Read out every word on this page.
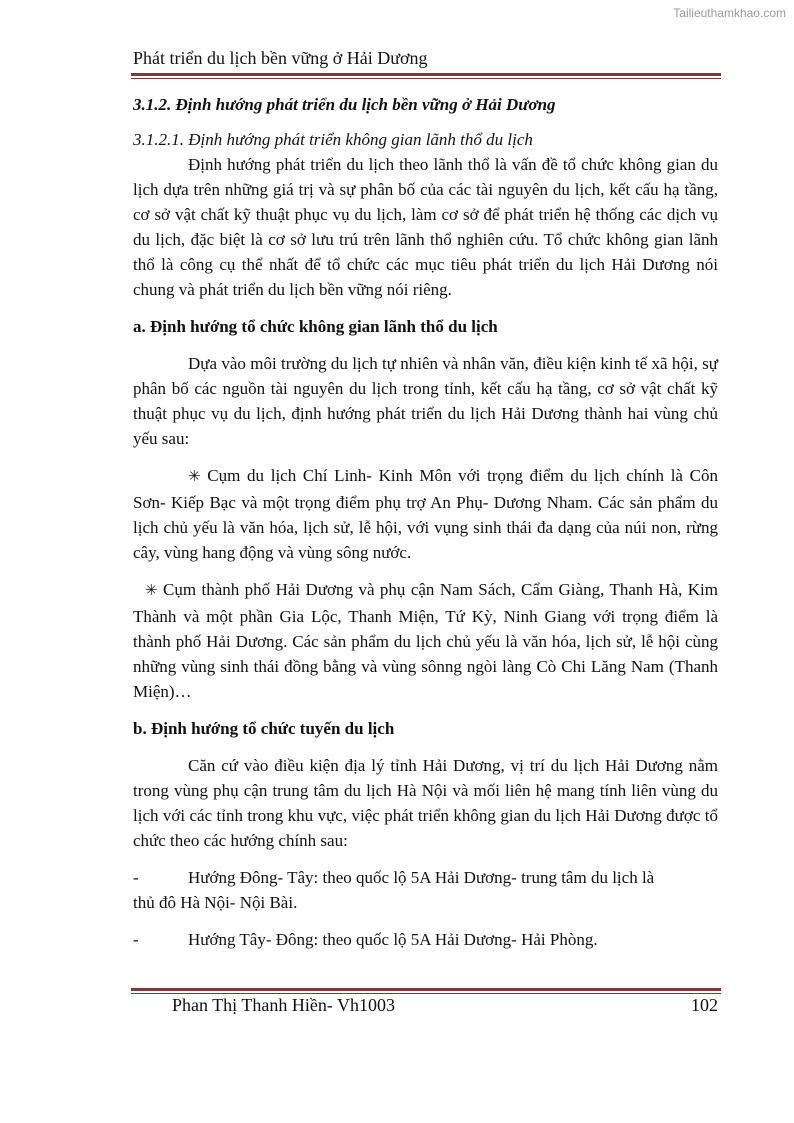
Tailieuthamkhao.com
Phát triển du lịch bền vững ở Hải Dương
3.1.2. Định hướng phát triển du lịch bền vững ở Hải Dương
3.1.2.1. Định hướng phát triển không gian lãnh thổ du lịch

Định hướng phát triển du lịch theo lãnh thổ là vấn đề tổ chức không gian du lịch dựa trên những giá trị và sự phân bố của các tài nguyên du lịch, kết cấu hạ tầng, cơ sở vật chất kỹ thuật phục vụ du lịch, làm cơ sở để phát triển hệ thống các dịch vụ du lịch, đặc biệt là cơ sở lưu trú trên lãnh thổ nghiên cứu. Tổ chức không gian lãnh thổ là công cụ thể nhất để tổ chức các mục tiêu phát triển du lịch Hải Dương nói chung và phát triển du lịch bền vững nói riêng.

a. Định hướng tổ chức không gian lãnh thổ du lịch

Dựa vào môi trường du lịch tự nhiên và nhân văn, điều kiện kinh tế xã hội, sự phân bố các nguồn tài nguyên du lịch trong tỉnh, kết cấu hạ tầng, cơ sở vật chất kỹ thuật phục vụ du lịch, định hướng phát triển du lịch Hải Dương thành hai vùng chủ yếu sau:

✳ Cụm du lịch Chí Linh- Kinh Môn với trọng điểm du lịch chính là Côn Sơn- Kiếp Bạc và một trọng điểm phụ trợ An Phụ- Dương Nham. Các sản phẩm du lịch chủ yếu là văn hóa, lịch sử, lễ hội, với vụng sinh thái đa dạng của núi non, rừng cây, vùng hang động và vùng sông nước.

✳ Cụm thành phố Hải Dương và phụ cận Nam Sách, Cẩm Giàng, Thanh Hà, Kim Thành và một phần Gia Lộc, Thanh Miện, Tứ Kỳ, Ninh Giang với trọng điểm là thành phố Hải Dương. Các sản phẩm du lịch chủ yếu là văn hóa, lịch sử, lễ hội cùng những vùng sinh thái đồng bằng và vùng sônng ngòi làng Cò Chi Lăng Nam (Thanh Miện)…

b. Định hướng tổ chức tuyến du lịch

Căn cứ vào điều kiện địa lý tỉnh Hải Dương, vị trí du lịch Hải Dương nằm trong vùng phụ cận trung tâm du lịch Hà Nội và mối liên hệ mang tính liên vùng du lịch với các tỉnh trong khu vực, việc phát triển không gian du lịch Hải Dương được tổ chức theo các hướng chính sau:

-	Hướng Đông- Tây: theo quốc lộ 5A Hải Dương- trung tâm du lịch là

thủ đô Hà Nội- Nội Bài.

-	Hướng Tây- Đông: theo quốc lộ 5A Hải Dương- Hải Phòng.
Phan Thị Thanh Hiền- Vh1003	102
